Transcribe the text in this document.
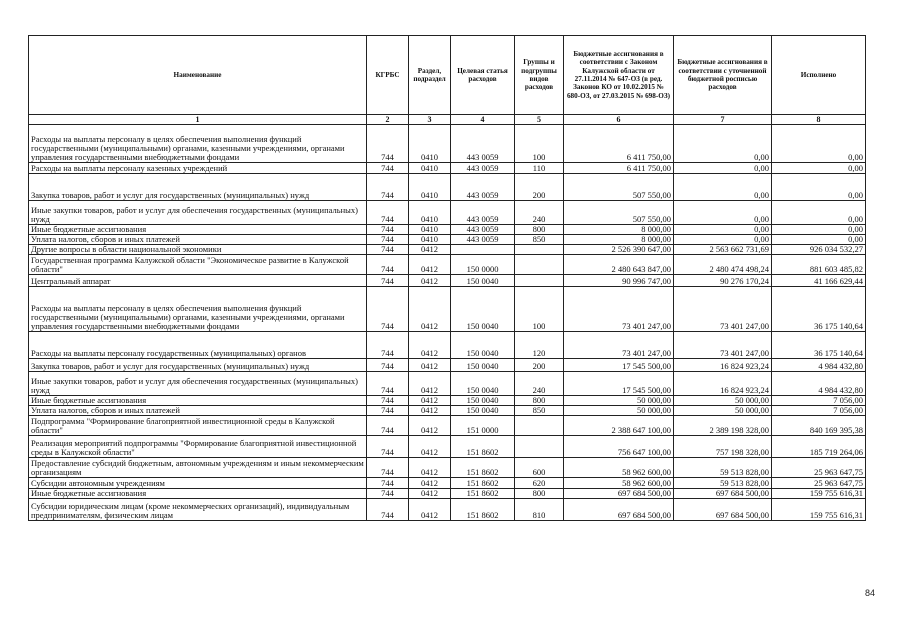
Наименование	КГРБС	Раздел, подраздел	Целевая статья расходов	Группы и подгруппы видов расходов	Бюджетные ассигнования в соответствии с Законом Калужской области от 27.11.2014 № 647-ОЗ (в ред. Законов КО от 10.02.2015 № 680-ОЗ, от 27.03.2015 № 698-ОЗ)	Бюджетные ассигнования в соответствии с уточненной бюджетной росписью расходов	Исполнено
1	2	3	4	5	6	7	8
Расходы на выплаты персоналу в целях обеспечения выполнения функций государственными (муниципальными) органами, казенными учреждениями, органами управления государственными внебюджетными фондами	744	0410	443 0059	100	6 411 750,00	0,00	0,00
Расходы на выплаты персоналу казенных учреждений	744	0410	443 0059	110	6 411 750,00	0,00	0,00
Закупка товаров, работ и услуг для государственных (муниципальных) нужд	744	0410	443 0059	200	507 550,00	0,00	0,00
Иные закупки товаров, работ и услуг для обеспечения государственных (муниципальных) нужд	744	0410	443 0059	240	507 550,00	0,00	0,00
Иные бюджетные ассигнования	744	0410	443 0059	800	8 000,00	0,00	0,00
Уплата налогов, сборов и иных платежей	744	0410	443 0059	850	8 000,00	0,00	0,00
Другие вопросы в области национальной экономики	744	0412			2 526 390 647,00	2 563 662 731,69	926 034 532,27
Государственная программа Калужской области "Экономическое развитие в Калужской области"	744	0412	150 0000		2 480 643 847,00	2 480 474 498,24	881 603 485,82
Центральный аппарат	744	0412	150 0040		90 996 747,00	90 276 170,24	41 166 629,44
Расходы на выплаты персоналу в целях обеспечения выполнения функций государственными (муниципальными) органами, казенными учреждениями, органами управления государственными внебюджетными фондами	744	0412	150 0040	100	73 401 247,00	73 401 247,00	36 175 140,64
Расходы на выплаты персоналу государственных (муниципальных) органов	744	0412	150 0040	120	73 401 247,00	73 401 247,00	36 175 140,64
Закупка товаров, работ и услуг для государственных (муниципальных) нужд	744	0412	150 0040	200	17 545 500,00	16 824 923,24	4 984 432,80
Иные закупки товаров, работ и услуг для обеспечения государственных (муниципальных) нужд	744	0412	150 0040	240	17 545 500,00	16 824 923,24	4 984 432,80
Иные бюджетные ассигнования	744	0412	150 0040	800	50 000,00	50 000,00	7 056,00
Уплата налогов, сборов и иных платежей	744	0412	150 0040	850	50 000,00	50 000,00	7 056,00
Подпрограмма "Формирование благоприятной инвестиционной среды в Калужской области"	744	0412	151 0000		2 388 647 100,00	2 389 198 328,00	840 169 395,38
Реализация мероприятий подпрограммы "Формирование благоприятной инвестиционной среды в Калужской области"	744	0412	151 8602		756 647 100,00	757 198 328,00	185 719 264,06
Предоставление субсидий бюджетным, автономным учреждениям и иным некоммерческим организациям	744	0412	151 8602	600	58 962 600,00	59 513 828,00	25 963 647,75
Субсидии автономным учреждениям	744	0412	151 8602	620	58 962 600,00	59 513 828,00	25 963 647,75
Иные бюджетные ассигнования	744	0412	151 8602	800	697 684 500,00	697 684 500,00	159 755 616,31
Субсидии юридическим лицам (кроме некоммерческих организаций), индивидуальным предпринимателям, физическим лицам	744	0412	151 8602	810	697 684 500,00	697 684 500,00	159 755 616,31
84
